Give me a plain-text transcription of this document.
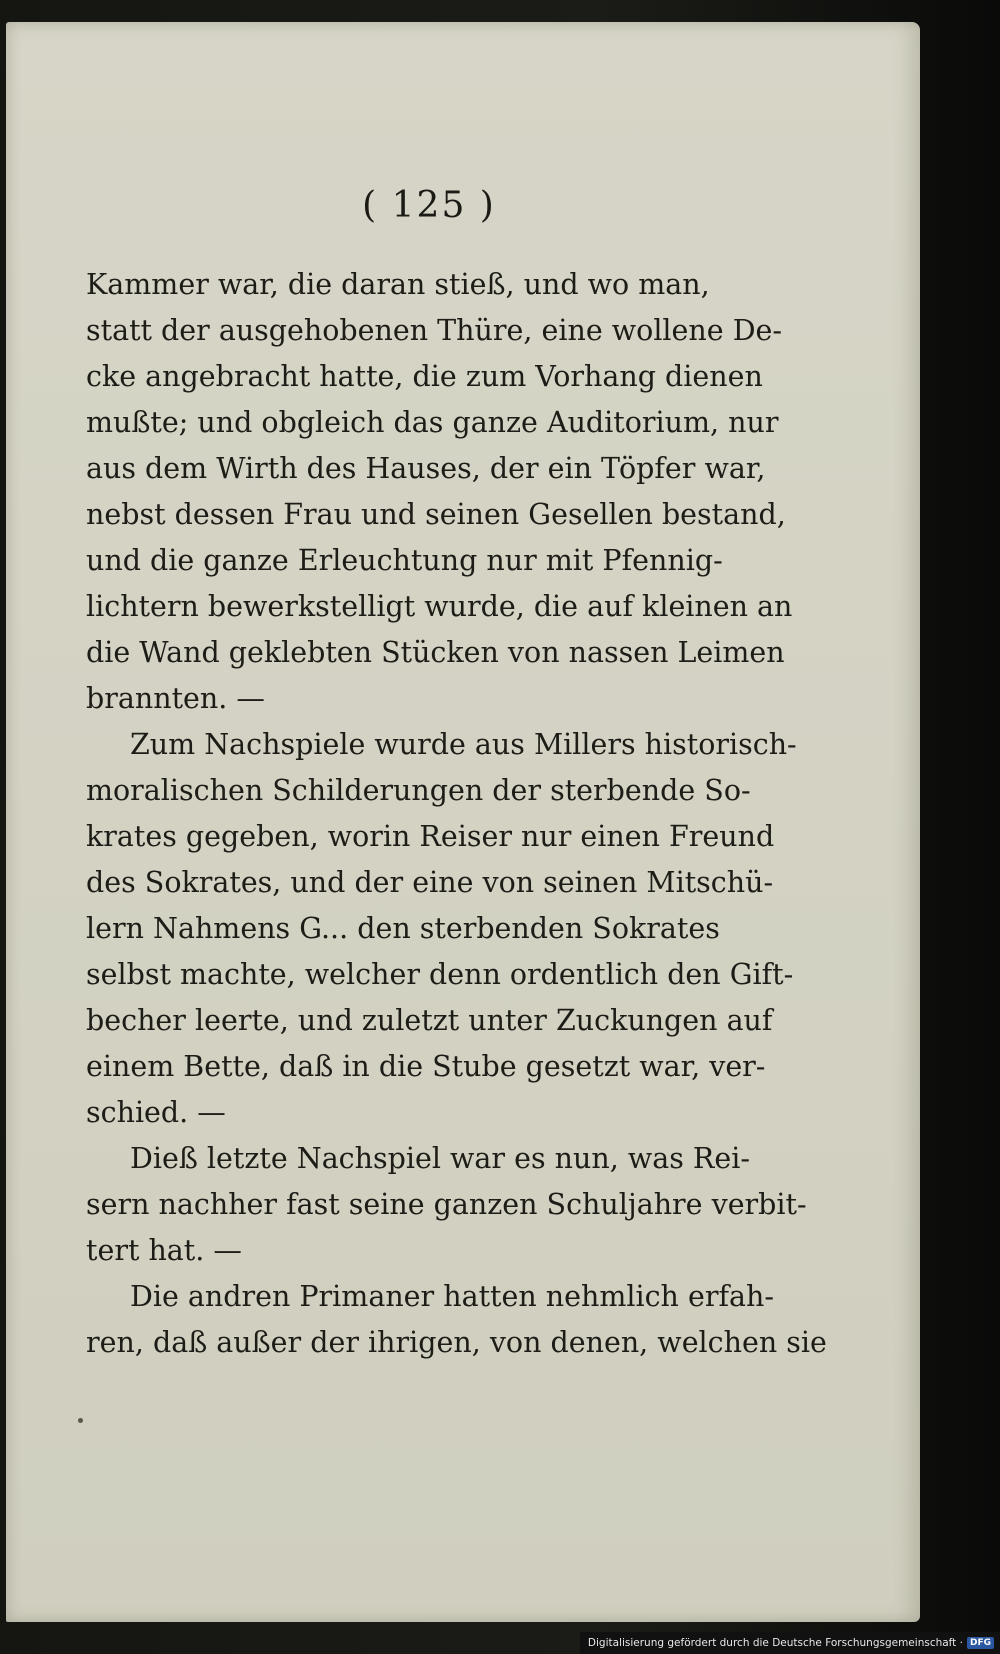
( 125 )
Kammer war, die daran stieß, und wo man,
statt der ausgehobenen Thüre, eine wollene De-
cke angebracht hatte, die zum Vorhang dienen
mußte; und obgleich das ganze Auditorium, nur
aus dem Wirth des Hauses, der ein Töpfer war,
nebst dessen Frau und seinen Gesellen bestand,
und die ganze Erleuchtung nur mit Pfennig-
lichtern bewerkstelligt wurde, die auf kleinen an
die Wand geklebten Stücken von nassen Leimen
brannten. —
Zum Nachspiele wurde aus Millers historisch-
moralischen Schilderungen der sterbende So-
krates gegeben, worin Reiser nur einen Freund
des Sokrates, und der eine von seinen Mitschü-
lern Nahmens G... den sterbenden Sokrates
selbst machte, welcher denn ordentlich den Gift-
becher leerte, und zuletzt unter Zuckungen auf
einem Bette, daß in die Stube gesetzt war, ver-
schied. —
Dieß letzte Nachspiel war es nun, was Rei-
sern nachher fast seine ganzen Schuljahre verbit-
tert hat. —
Die andren Primaner hatten nehmlich erfah-
ren, daß außer der ihrigen, von denen, welchen sie
Digitalisierung gefördert durch die Deutsche Forschungsgemeinschaft · DFG
